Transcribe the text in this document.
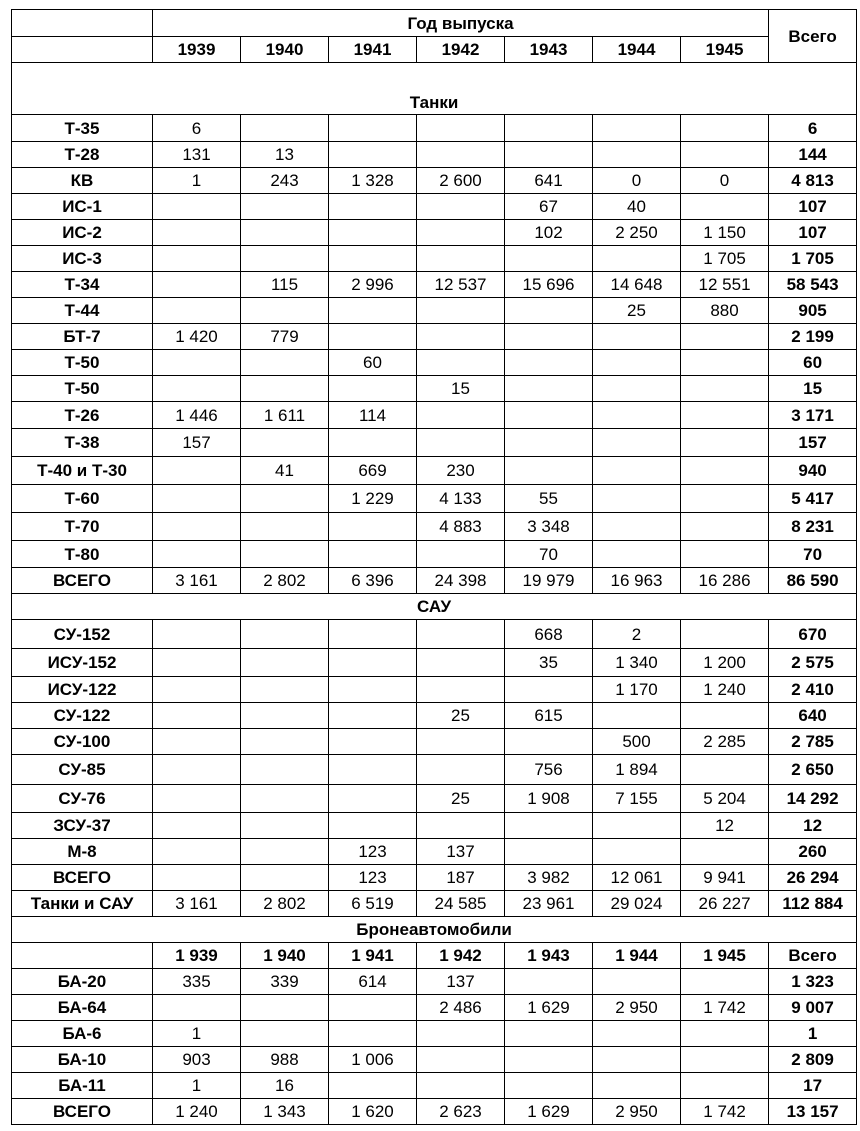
	Год выпуска							Всего
	1939	1940	1941	1942	1943	1944	1945	
Танки								
Т-35	6							6
Т-28	131	13						144
КВ	1	243	1 328	2 600	641	0	0	4 813
ИС-1					67	40		107
ИС-2					102	2 250	1 150	107
ИС-3							1 705	1 705
Т-34		115	2 996	12 537	15 696	14 648	12 551	58 543
Т-44						25	880	905
БТ-7	1 420	779						2 199
Т-50			60					60
Т-50				15				15
Т-26	1 446	1 611	114					3 171
Т-38	157							157
Т-40 и Т-30		41	669	230				940
Т-60			1 229	4 133	55			5 417
Т-70				4 883	3 348			8 231
Т-80					70			70
ВСЕГО	3 161	2 802	6 396	24 398	19 979	16 963	16 286	86 590
САУ								
СУ-152					668	2		670
ИСУ-152					35	1 340	1 200	2 575
ИСУ-122						1 170	1 240	2 410
СУ-122				25	615			640
СУ-100						500	2 285	2 785
СУ-85					756	1 894		2 650
СУ-76				25	1 908	7 155	5 204	14 292
ЗСУ-37							12	12
М-8			123	137				260
ВСЕГО			123	187	3 982	12 061	9 941	26 294
Танки и САУ	3 161	2 802	6 519	24 585	23 961	29 024	26 227	112 884
Бронеавтомобили								
	1 939	1 940	1 941	1 942	1 943	1 944	1 945	Всего
БА-20	335	339	614	137				1 323
БА-64				2 486	1 629	2 950	1 742	9 007
БА-6	1							1
БА-10	903	988	1 006					2 809
БА-11	1	16						17
ВСЕГО	1 240	1 343	1 620	2 623	1 629	2 950	1 742	13 157
